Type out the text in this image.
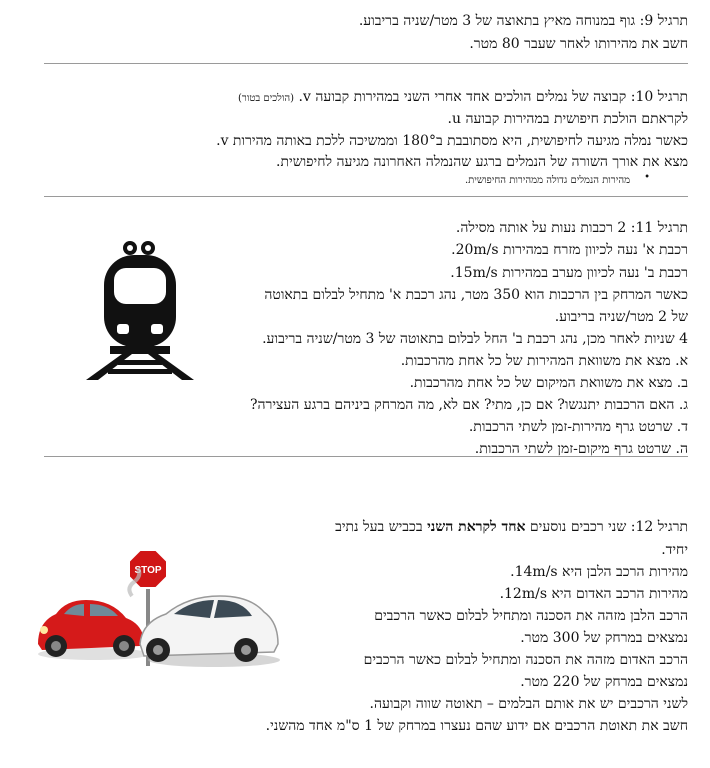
תרגיל 9: גוף במנוחה מאיץ בתאוצה של 3 מטר/שניה בריבוע.
חשב את מהירותו לאחר שעבר 80 מטר.
תרגיל 10: קבוצה של נמלים הולכים אחד אחרי השני במהירות קבועה v. (הולכים בטור)
לקראתם הולכת חיפושית במהירות קבועה u.
כאשר נמלה מגיעה לחיפושית, היא מסתובבת ב180° וממשיכה ללכת באותה מהירות v.
מצא את אורך השורה של הנמלים ברגע שהנמלה האחרונה מגיעה לחיפושית.
•
מהירות הנמלים גדולה ממהירות החיפושית.
תרגיל 11: 2 רכבות נעות על אותה מסילה.
רכבת א' נעה לכיוון מזרח במהירות 20m/s.
רכבת ב' נעה לכיוון מערב במהירות 15m/s.
כאשר המרחק בין הרכבות הוא 350 מטר, נהג רכבת א' מתחיל לבלום בתאוטה
של 2 מטר/שניה בריבוע.
4 שניות לאחר מכן, נהג רכבת ב' החל לבלום בתאוטה של 3 מטר/שניה בריבוע.
א. מצא את משוואת המהירות של כל אחת מהרכבות.
ב. מצא את משוואת המיקום של כל אחת מהרכבות.
ג. האם הרכבות יתנגשו? אם כן, מתי? אם לא, מה המרחק ביניהם ברגע העצירה?
ד. שרטט גרף מהירות-זמן לשתי הרכבות.
ה. שרטט גרף מיקום-זמן לשתי הרכבות.
תרגיל 12: שני רכבים נוסעים אחד לקראת השני בכביש בעל נתיב
יחיד.
מהירות הרכב הלבן היא 14m/s.
מהירות הרכב האדום היא 12m/s.
הרכב הלבן מזהה את הסכנה ומתחיל לבלום כאשר הרכבים
נמצאים במרחק של 300 מטר.
הרכב האדום מזהה את הסכנה ומתחיל לבלום כאשר הרכבים
נמצאים במרחק של 220 מטר.
לשני הרכבים יש את אותם הבלמים – תאוטה שווה וקבועה.
חשב את תאוטת הרכבים אם ידוע שהם נעצרו במרחק של 1 ס"מ אחד מהשני.
STOP
